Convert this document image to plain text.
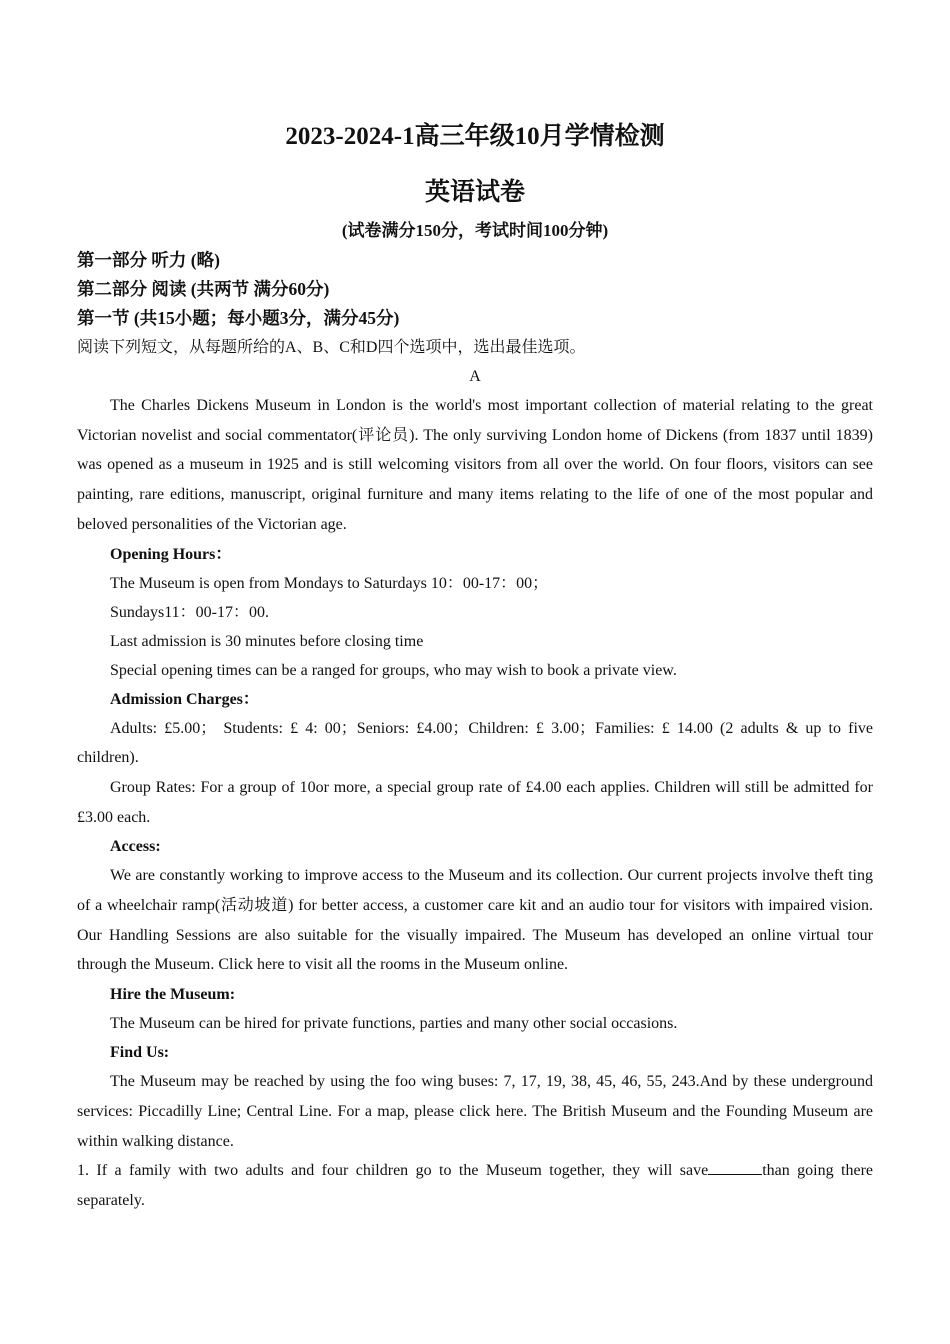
2023-2024-1高三年级10月学情检测

英语试卷

(试卷满分150分，考试时间100分钟)

第一部分 听力 (略)

第二部分 阅读 (共两节 满分60分)

第一节 (共15小题；每小题3分，满分45分)

阅读下列短文，从每题所给的A、B、C和D四个选项中，选出最佳选项。

A

The Charles Dickens Museum in London is the world's most important collection of material relating to the great Victorian novelist and social commentator(评论员). The only surviving London home of Dickens (from 1837 until 1839) was opened as a museum in 1925 and is still welcoming visitors from all over the world. On four floors, visitors can see painting, rare editions, manuscript, original furniture and many items relating to the life of one of the most popular and beloved personalities of the Victorian age.

Opening Hours：

The Museum is open from Mondays to Saturdays 10：00-17：00；

Sundays11：00-17：00.

Last admission is 30 minutes before closing time

Special opening times can be a ranged for groups, who may wish to book a private view.

Admission Charges：

Adults: £5.00； Students: £ 4: 00；Seniors: £4.00；Children: £ 3.00；Families: £ 14.00 (2 adults & up to five children).

Group Rates: For a group of 10or more, a special group rate of £4.00 each applies. Children will still be admitted for £3.00 each.

Access:

We are constantly working to improve access to the Museum and its collection. Our current projects involve theft ting of a wheelchair ramp(活动坡道) for better access, a customer care kit and an audio tour for visitors with impaired vision. Our Handling Sessions are also suitable for the visually impaired. The Museum has developed an online virtual tour through the Museum. Click here to visit all the rooms in the Museum online.

Hire the Museum:

The Museum can be hired for private functions, parties and many other social occasions.

Find Us:

The Museum may be reached by using the foo wing buses: 7, 17, 19, 38, 45, 46, 55, 243.And by these underground services: Piccadilly Line; Central Line. For a map, please click here. The British Museum and the Founding Museum are within walking distance.

1. If a family with two adults and four children go to the Museum together, they will save	than going there separately.
